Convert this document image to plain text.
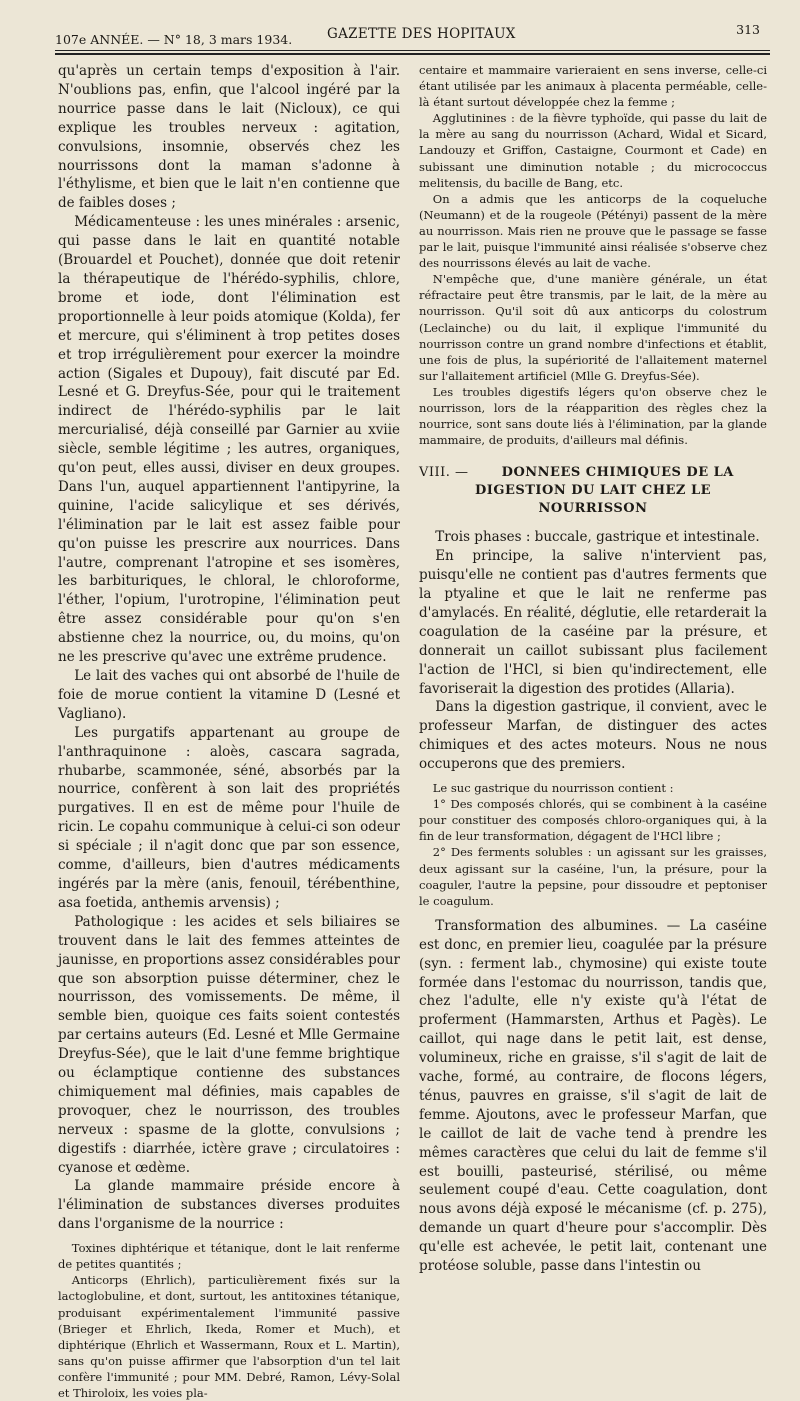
107e ANNÉE. — N° 18, 3 mars 1934.	GAZETTE DES HOPITAUX	313

qu'après un certain temps d'exposition à l'air. N'oublions pas, enfin, que l'alcool ingéré par la nourrice passe dans le lait (Nicloux), ce qui explique les troubles nerveux : agitation, convulsions, insomnie, observés chez les nourrissons dont la maman s'adonne à l'éthylisme, et bien que le lait n'en contienne que de faibles doses ;

Médicamenteuse : les unes minérales : arsenic, qui passe dans le lait en quantité notable (Brouardel et Pouchet), donnée que doit retenir la thérapeutique de l'hérédo-syphilis, chlore, brome et iode, dont l'élimination est proportionnelle à leur poids atomique (Kolda), fer et mercure, qui s'éliminent à trop petites doses et trop irrégulièrement pour exercer la moindre action (Sigales et Dupouy), fait discuté par Ed. Lesné et G. Dreyfus-Sée, pour qui le traitement indirect de l'hérédo-syphilis par le lait mercurialisé, déjà conseillé par Garnier au xviie siècle, semble légitime ; les autres, organiques, qu'on peut, elles aussi, diviser en deux groupes. Dans l'un, auquel appartiennent l'antipyrine, la quinine, l'acide salicylique et ses dérivés, l'élimination par le lait est assez faible pour qu'on puisse les prescrire aux nourrices. Dans l'autre, comprenant l'atropine et ses isomères, les barbituriques, le chloral, le chloroforme, l'éther, l'opium, l'urotropine, l'élimination peut être assez considérable pour qu'on s'en abstienne chez la nourrice, ou, du moins, qu'on ne les prescrive qu'avec une extrême prudence.

Le lait des vaches qui ont absorbé de l'huile de foie de morue contient la vitamine D (Lesné et Vagliano).

Les purgatifs appartenant au groupe de l'anthraquinone : aloès, cascara sagrada, rhubarbe, scammonée, séné, absorbés par la nourrice, confèrent à son lait des propriétés purgatives. Il en est de même pour l'huile de ricin. Le copahu communique à celui-ci son odeur si spéciale ; il n'agit donc que par son essence, comme, d'ailleurs, bien d'autres médicaments ingérés par la mère (anis, fenouil, térébenthine, asa foetida, anthemis arvensis) ;

Pathologique : les acides et sels biliaires se trouvent dans le lait des femmes atteintes de jaunisse, en proportions assez considérables pour que son absorption puisse déterminer, chez le nourrisson, des vomissements. De même, il semble bien, quoique ces faits soient contestés par certains auteurs (Ed. Lesné et Mlle Germaine Dreyfus-Sée), que le lait d'une femme brightique ou éclamptique contienne des substances chimiquement mal définies, mais capables de provoquer, chez le nourrisson, des troubles nerveux : spasme de la glotte, convulsions ; digestifs : diarrhée, ictère grave ; circulatoires : cyanose et œdème.

La glande mammaire préside encore à l'élimination de substances diverses produites dans l'organisme de la nourrice :

Toxines diphtérique et tétanique, dont le lait renferme de petites quantités ;

Anticorps (Ehrlich), particulièrement fixés sur la lactoglobuline, et dont, surtout, les antitoxines tétanique, produisant expérimentalement l'immunité passive (Brieger et Ehrlich, Ikeda, Romer et Much), et diphtérique (Ehrlich et Wassermann, Roux et L. Martin), sans qu'on puisse affirmer que l'absorption d'un tel lait confère l'immunité ; pour MM. Debré, Ramon, Lévy-Solal et Thiroloix, les voies pla-

centaire et mammaire varieraient en sens inverse, celle-ci étant utilisée par les animaux à placenta perméable, celle-là étant surtout développée chez la femme ;

Agglutinines : de la fièvre typhoïde, qui passe du lait de la mère au sang du nourrisson (Achard, Widal et Sicard, Landouzy et Griffon, Castaigne, Courmont et Cade) en subissant une diminution notable ; du micrococcus melitensis, du bacille de Bang, etc.

On a admis que les anticorps de la coqueluche (Neumann) et de la rougeole (Pétényi) passent de la mère au nourrisson. Mais rien ne prouve que le passage se fasse par le lait, puisque l'immunité ainsi réalisée s'observe chez des nourrissons élevés au lait de vache.

N'empêche que, d'une manière générale, un état réfractaire peut être transmis, par le lait, de la mère au nourrisson. Qu'il soit dû aux anticorps du colostrum (Leclainche) ou du lait, il explique l'immunité du nourrisson contre un grand nombre d'infections et établit, une fois de plus, la supériorité de l'allaitement maternel sur l'allaitement artificiel (Mlle G. Dreyfus-Sée).

Les troubles digestifs légers qu'on observe chez le nourrisson, lors de la réapparition des règles chez la nourrice, sont sans doute liés à l'élimination, par la glande mammaire, de produits, d'ailleurs mal définis.

VIII. —	DONNEES CHIMIQUES DE LA DIGESTION DU LAIT CHEZ LE NOURRISSON

Trois phases : buccale, gastrique et intestinale.

En principe, la salive n'intervient pas, puisqu'elle ne contient pas d'autres ferments que la ptyaline et que le lait ne renferme pas d'amylacés. En réalité, déglutie, elle retarderait la coagulation de la caséine par la présure, et donnerait un caillot subissant plus facilement l'action de l'HCl, si bien qu'indirectement, elle favoriserait la digestion des protides (Allaria).

Dans la digestion gastrique, il convient, avec le professeur Marfan, de distinguer des actes chimiques et des actes moteurs. Nous ne nous occuperons que des premiers.

Le suc gastrique du nourrisson contient :

1° Des composés chlorés, qui se combinent à la caséine pour constituer des composés chloro-organiques qui, à la fin de leur transformation, dégagent de l'HCl libre ;

2° Des ferments solubles : un agissant sur les graisses, deux agissant sur la caséine, l'un, la présure, pour la coaguler, l'autre la pepsine, pour dissoudre et peptoniser le coagulum.

Transformation des albumines. — La caséine est donc, en premier lieu, coagulée par la présure (syn. : ferment lab., chymosine) qui existe toute formée dans l'estomac du nourrisson, tandis que, chez l'adulte, elle n'y existe qu'à l'état de proferment (Hammarsten, Arthus et Pagès). Le caillot, qui nage dans le petit lait, est dense, volumineux, riche en graisse, s'il s'agit de lait de vache, formé, au contraire, de flocons légers, ténus, pauvres en graisse, s'il s'agit de lait de femme. Ajoutons, avec le professeur Marfan, que le caillot de lait de vache tend à prendre les mêmes caractères que celui du lait de femme s'il est bouilli, pasteurisé, stérilisé, ou même seulement coupé d'eau. Cette coagulation, dont nous avons déjà exposé le mécanisme (cf. p. 275), demande un quart d'heure pour s'accomplir. Dès qu'elle est achevée, le petit lait, contenant une protéose soluble, passe dans l'intestin ou
